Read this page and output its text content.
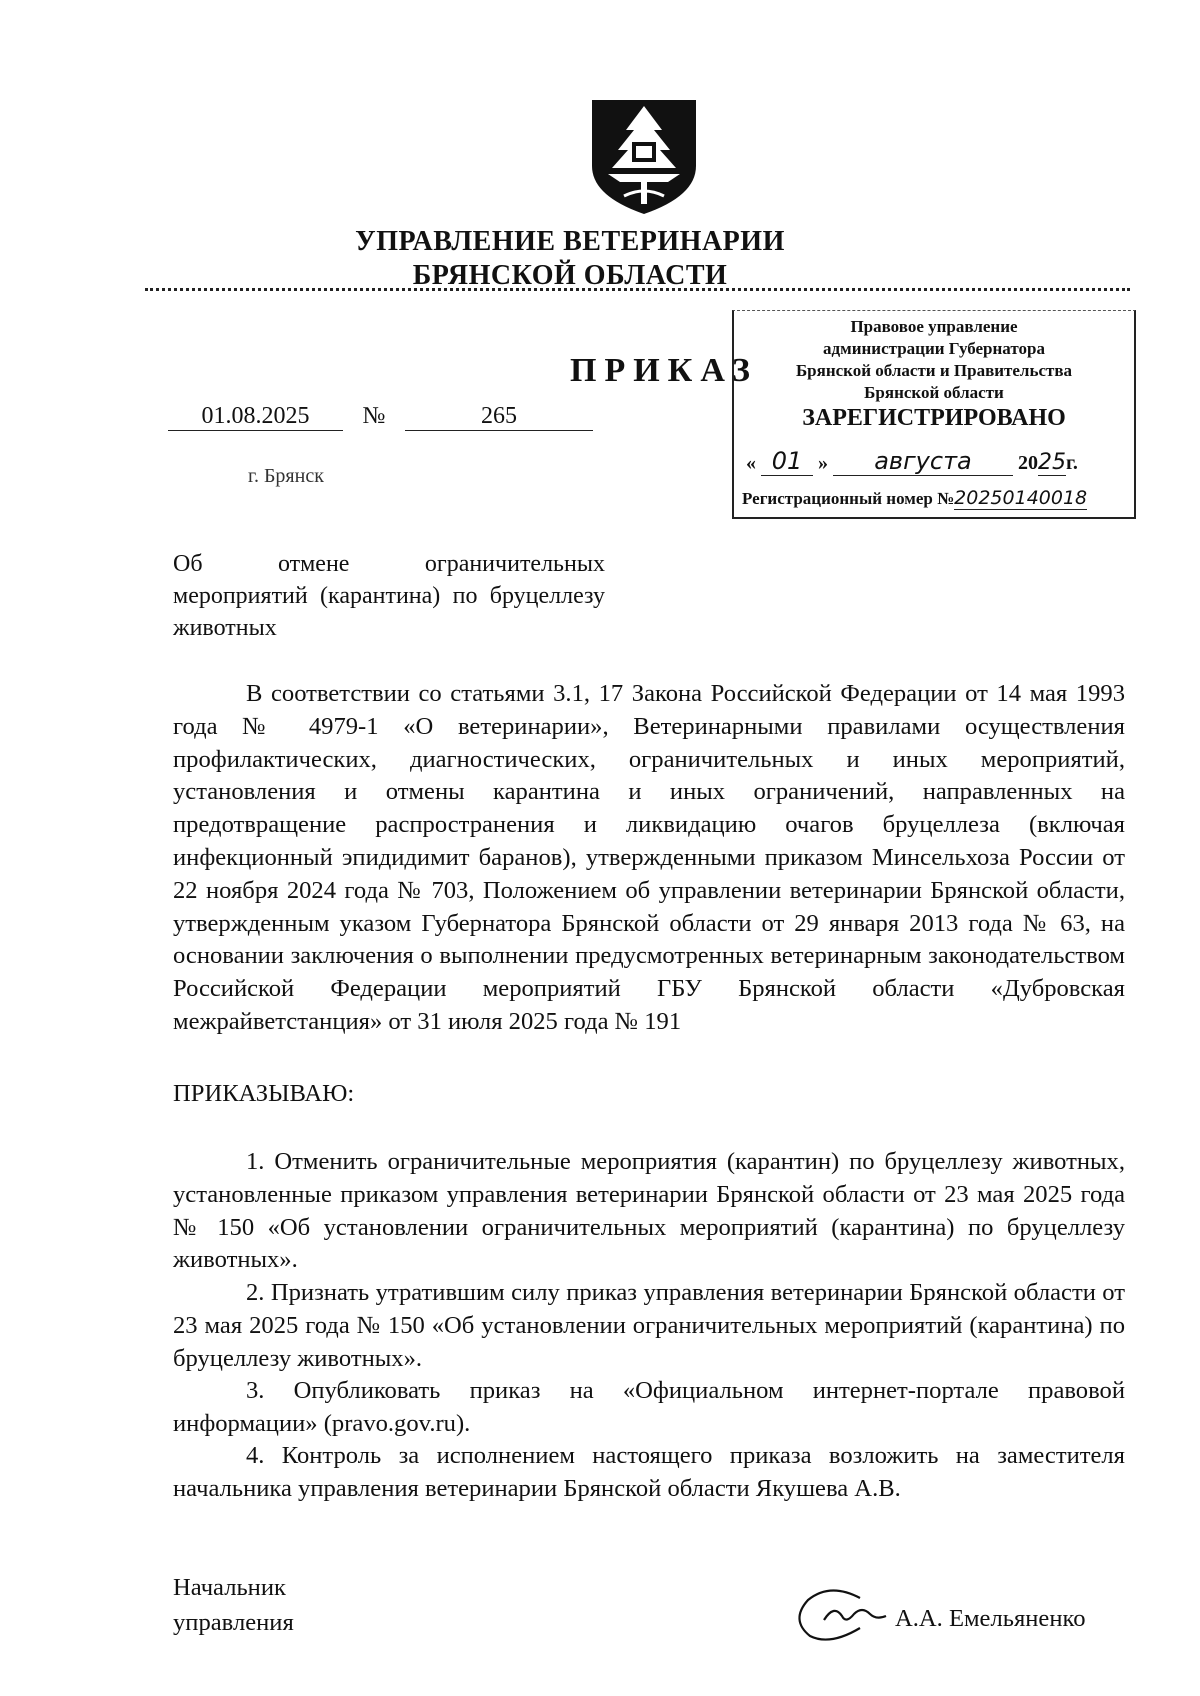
УПРАВЛЕНИЕ ВЕТЕРИНАРИИ
БРЯНСКОЙ ОБЛАСТИ
ПРИКАЗ
Правовое управление
администрации Губернатора
Брянской области и Правительства
Брянской области
ЗАРЕГИСТРИРОВАНО
« 01 » августа 2025г.
Регистрационный номер №20250140018
01.08.2025 №	265
г. Брянск
Об	отмене	ограничительных
мероприятий (карантина) по бруцеллезу животных
В соответствии со статьями 3.1, 17 Закона Российской Федерации от 14 мая 1993 года № 4979-1 «О ветеринарии», Ветеринарными правилами осуществления профилактических, диагностических, ограничительных и иных мероприятий, установления и отмены карантина и иных ограничений, направленных на предотвращение распространения и ликвидацию очагов бруцеллеза (включая инфекционный эпидидимит баранов), утвержденными приказом Минсельхоза России от 22 ноября 2024 года № 703, Положением об управлении ветеринарии Брянской области, утвержденным указом Губернатора Брянской области от 29 января 2013 года № 63, на основании заключения о выполнении предусмотренных ветеринарным законодательством Российской Федерации мероприятий ГБУ Брянской области «Дубровская межрайветстанция» от 31 июля 2025 года № 191
ПРИКАЗЫВАЮ:
1. Отменить ограничительные мероприятия (карантин) по бруцеллезу животных, установленные приказом управления ветеринарии Брянской области от 23 мая 2025 года № 150 «Об установлении ограничительных мероприятий (карантина) по бруцеллезу животных».
2. Признать утратившим силу приказ управления ветеринарии Брянской области от 23 мая 2025 года № 150 «Об установлении ограничительных мероприятий (карантина) по бруцеллезу животных».
3. Опубликовать приказ на «Официальном интернет-портале правовой информации» (pravo.gov.ru).
4. Контроль за исполнением настоящего приказа возложить на заместителя начальника управления ветеринарии Брянской области Якушева А.В.
Начальник
управления	А.А. Емельяненко
